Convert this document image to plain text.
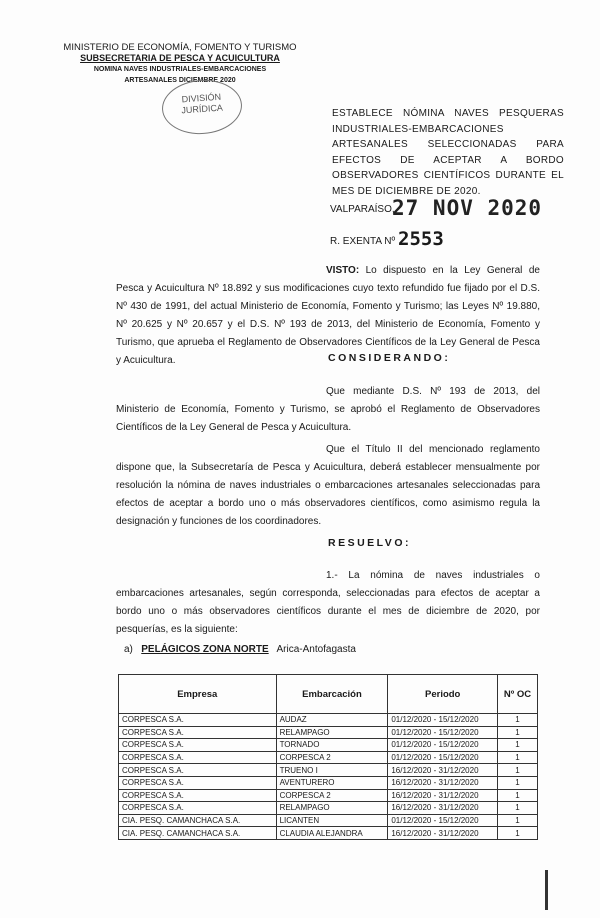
MINISTERIO DE ECONOMÍA, FOMENTO Y TURISMO
SUBSECRETARIA DE PESCA Y ACUICULTURA
NOMINA NAVES INDUSTRIALES-EMBARCACIONES
ARTESANALES DICIEMBRE 2020
DIVISIÓN
JURÍDICA	ESTABLECE NÓMINA NAVES PESQUERAS INDUSTRIALES-EMBARCACIONES ARTESANALES SELECCIONADAS PARA EFECTOS DE ACEPTAR A BORDO OBSERVADORES CIENTÍFICOS DURANTE EL MES DE DICIEMBRE DE 2020.
VALPARAÍSO,
27 NOV 2020
R. EXENTA Nº 2553
VISTO: Lo dispuesto en la Ley General de Pesca y Acuicultura Nº 18.892 y sus modificaciones cuyo texto refundido fue fijado por el D.S. Nº 430 de 1991, del actual Ministerio de Economía, Fomento y Turismo; las Leyes Nº 19.880, Nº 20.625 y Nº 20.657 y el D.S. Nº 193 de 2013, del Ministerio de Economía, Fomento y Turismo, que aprueba el Reglamento de Observadores Científicos de la Ley General de Pesca y Acuicultura.	CONSIDERANDO:
Que mediante D.S. Nº 193 de 2013, del Ministerio de Economía, Fomento y Turismo, se aprobó el Reglamento de Observadores Científicos de la Ley General de Pesca y Acuicultura.
Que el Título II del mencionado reglamento dispone que, la Subsecretaría de Pesca y Acuicultura, deberá establecer mensualmente por resolución la nómina de naves industriales o embarcaciones artesanales seleccionadas para efectos de aceptar a bordo uno o más observadores científicos, como asimismo regula la designación y funciones de los coordinadores.
RESUELVO:
1.- La nómina de naves industriales o embarcaciones artesanales, según corresponda, seleccionadas para efectos de aceptar a bordo uno o más observadores científicos durante el mes de diciembre de 2020, por pesquerías, es la siguiente:
a) PELÁGICOS ZONA NORTE Arica-Antofagasta
Empresa	Embarcación	Periodo	Nº OC
CORPESCA S.A.	AUDAZ	01/12/2020 - 15/12/2020	1
CORPESCA S.A.	RELAMPAGO	01/12/2020 - 15/12/2020	1
CORPESCA S.A.	TORNADO	01/12/2020 - 15/12/2020	1
CORPESCA S.A.	CORPESCA 2	01/12/2020 - 15/12/2020	1
CORPESCA S.A.	TRUENO I	16/12/2020 - 31/12/2020	1
CORPESCA S.A.	AVENTURERO	16/12/2020 - 31/12/2020	1
CORPESCA S.A.	CORPESCA 2	16/12/2020 - 31/12/2020	1
CORPESCA S.A.	RELAMPAGO	16/12/2020 - 31/12/2020	1
CIA. PESQ. CAMANCHACA S.A.	LICANTEN	01/12/2020 - 15/12/2020	1
CIA. PESQ. CAMANCHACA S.A.	CLAUDIA ALEJANDRA	16/12/2020 - 31/12/2020	1
